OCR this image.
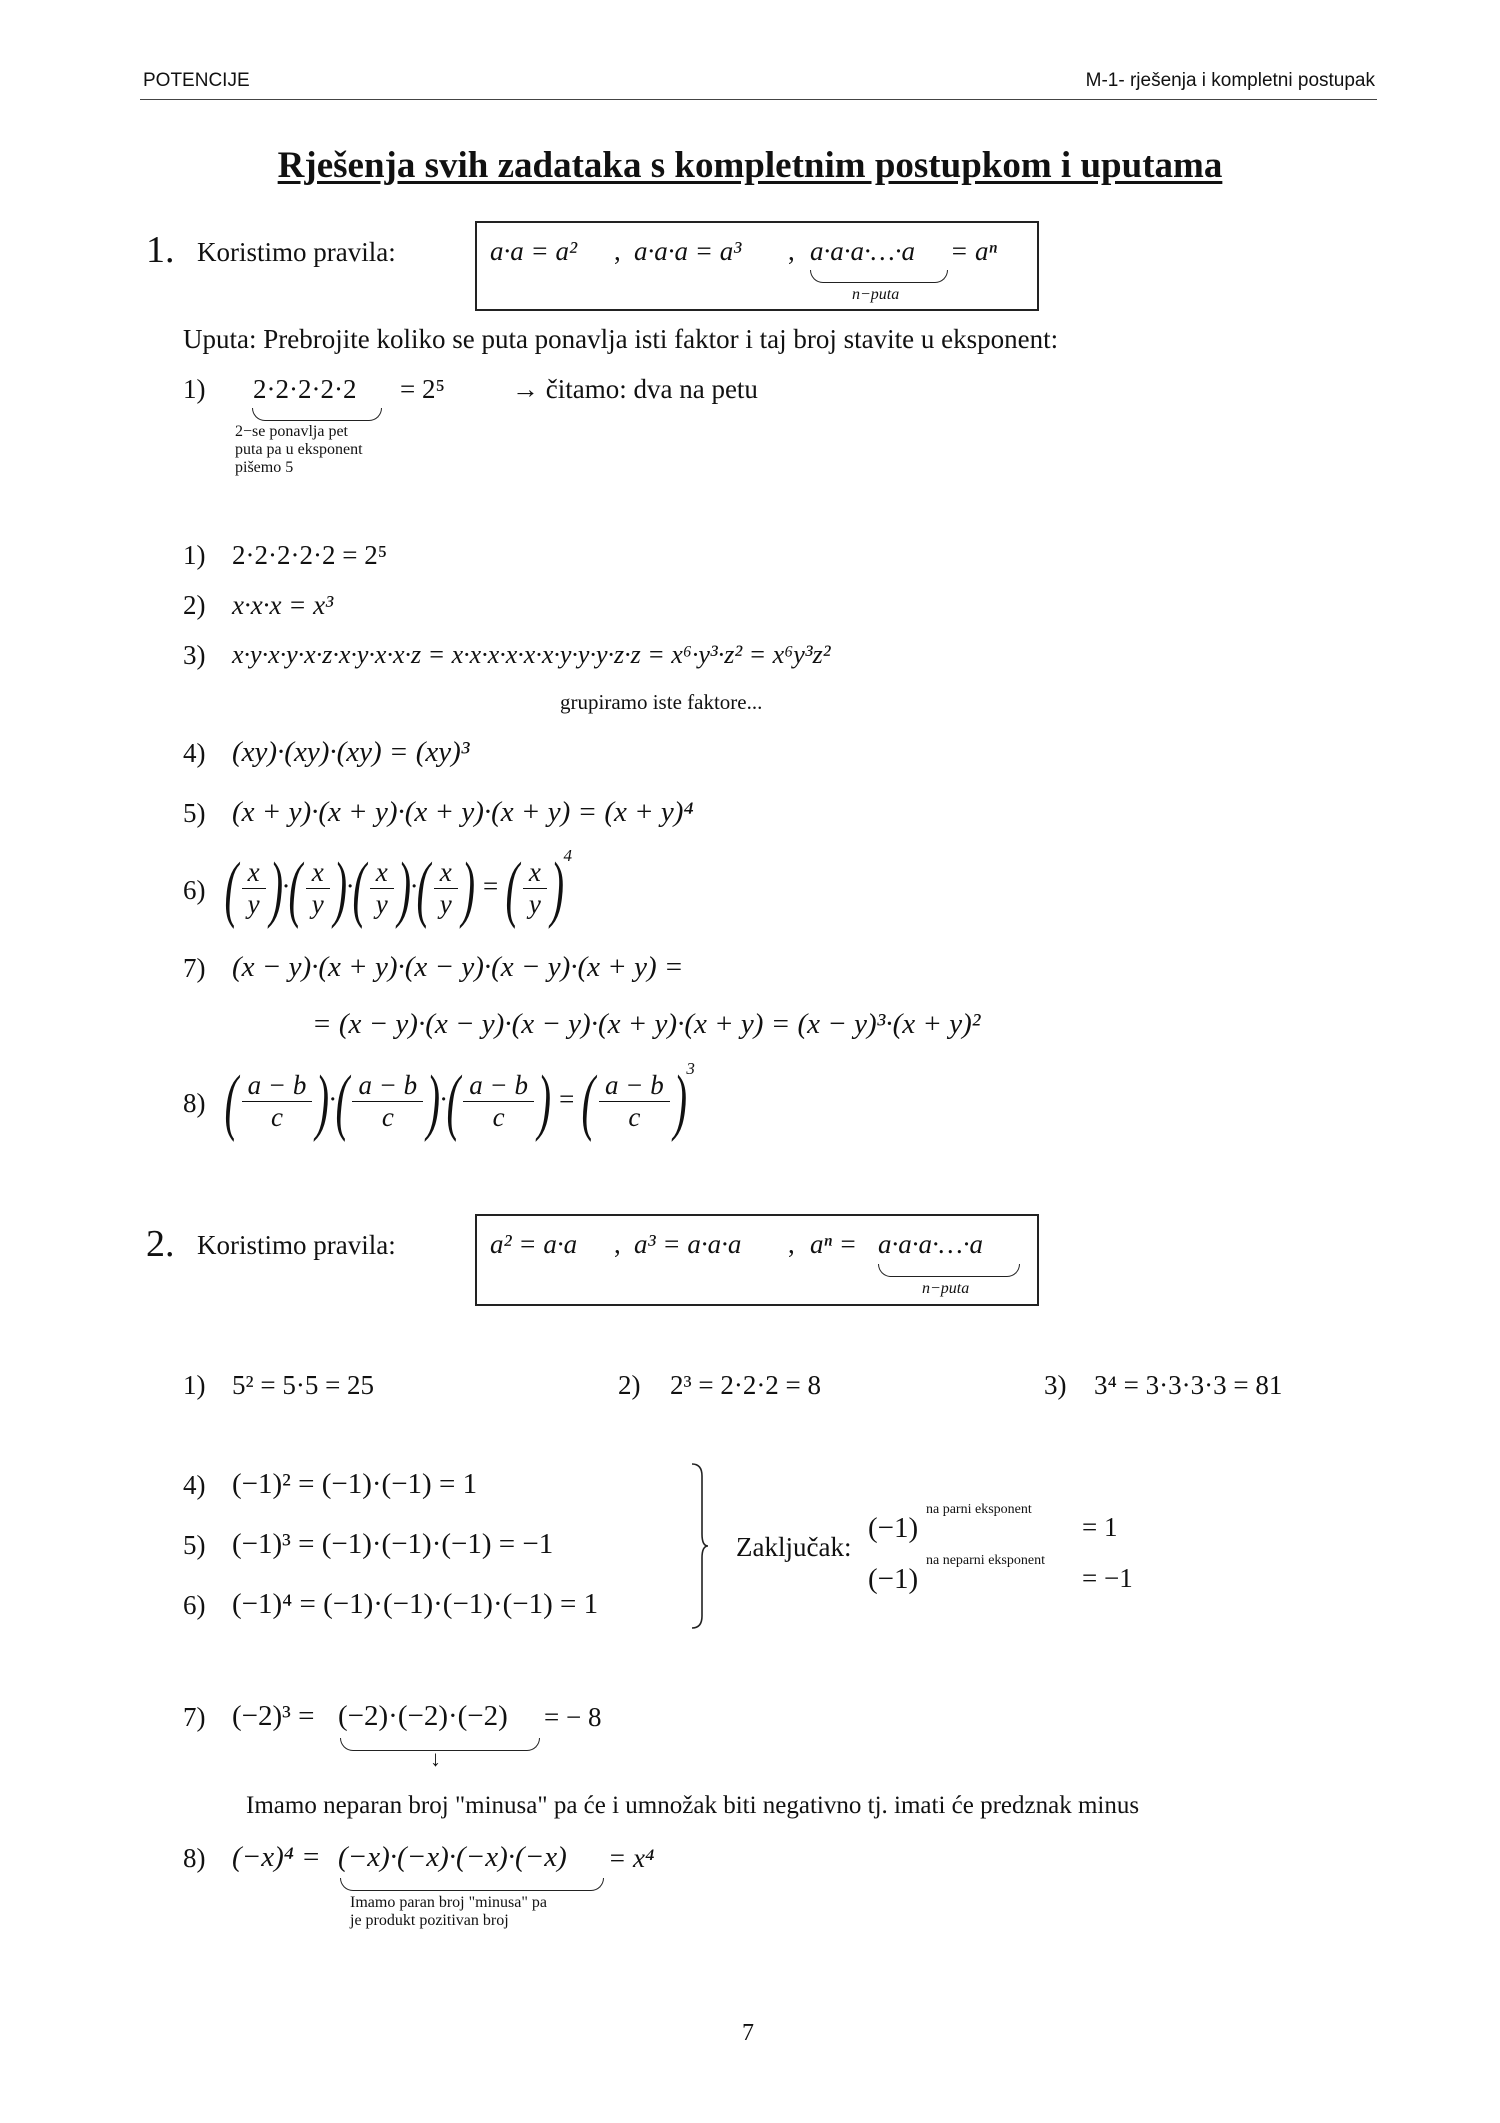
POTENCIJE	M-1- rješenja i kompletni postupak
Rješenja svih zadataka s kompletnim postupkom i uputama
1. Koristimo pravila:	a·a = a² , a·a·a = a³ , a·a·a·…·a = aⁿ
n−puta
Uputa: Prebrojite koliko se puta ponavlja isti faktor i taj broj stavite u eksponent:
1) 2·2·2·2·2 = 2⁵ → čitamo: dva na petu
2−se ponavlja pet
puta pa u eksponent
pišemo 5
1) 2·2·2·2·2 = 2⁵
2) x·x·x = x³
3) x·y·x·y·x·z·x·y·x·x·z = x·x·x·x·x·x·y·y·y·z·z = x⁶·y³·z² = x⁶y³z²
grupiramo iste faktore...
4) (xy)·(xy)·(xy) = (xy)³
5) (x + y)·(x + y)·(x + y)·(x + y) = (x + y)⁴
6) ( $\frac{x}{y}$ )·( $\frac{x}{y}$ )·( $\frac{x}{y}$ )·( $\frac{x}{y}$ ) = ( $\frac{x}{y} )^4$
7) (x − y)·(x + y)·(x − y)·(x − y)·(x + y) =
= (x − y)·(x − y)·(x − y)·(x + y)·(x + y) = (x − y)³·(x + y)²
8) ( $\frac{a - b}{c}$ )·( $\frac{a - b}{c}$ )·( $\frac{a - b}{c}$ ) = ( $\frac{a - b}{c} )^3$
2. Koristimo pravila:	a² = a·a , a³ = a·a·a , aⁿ = a·a·a·…·a
n−puta
1) 5² = 5·5 = 25	2) 2³ = 2·2·2 = 8	3) 3⁴ = 3·3·3·3 = 81
4) (−1)² = (−1)·(−1) = 1
5) (−1)³ = (−1)·(−1)·(−1) = −1
6) (−1)⁴ = (−1)·(−1)·(−1)·(−1) = 1
Zaključak:
(−1)
na parni eksponent
= 1
(−1)
na neparni eksponent
= −1
7) (−2)³ = (−2)·(−2)·(−2) = − 8
↓
Imamo neparan broj "minusa" pa će i umnožak biti negativno tj. imati će predznak minus
8) (−x)⁴ = (−x)·(−x)·(−x)·(−x) = x⁴
Imamo paran broj "minusa" pa
je produkt pozitivan broj
7
